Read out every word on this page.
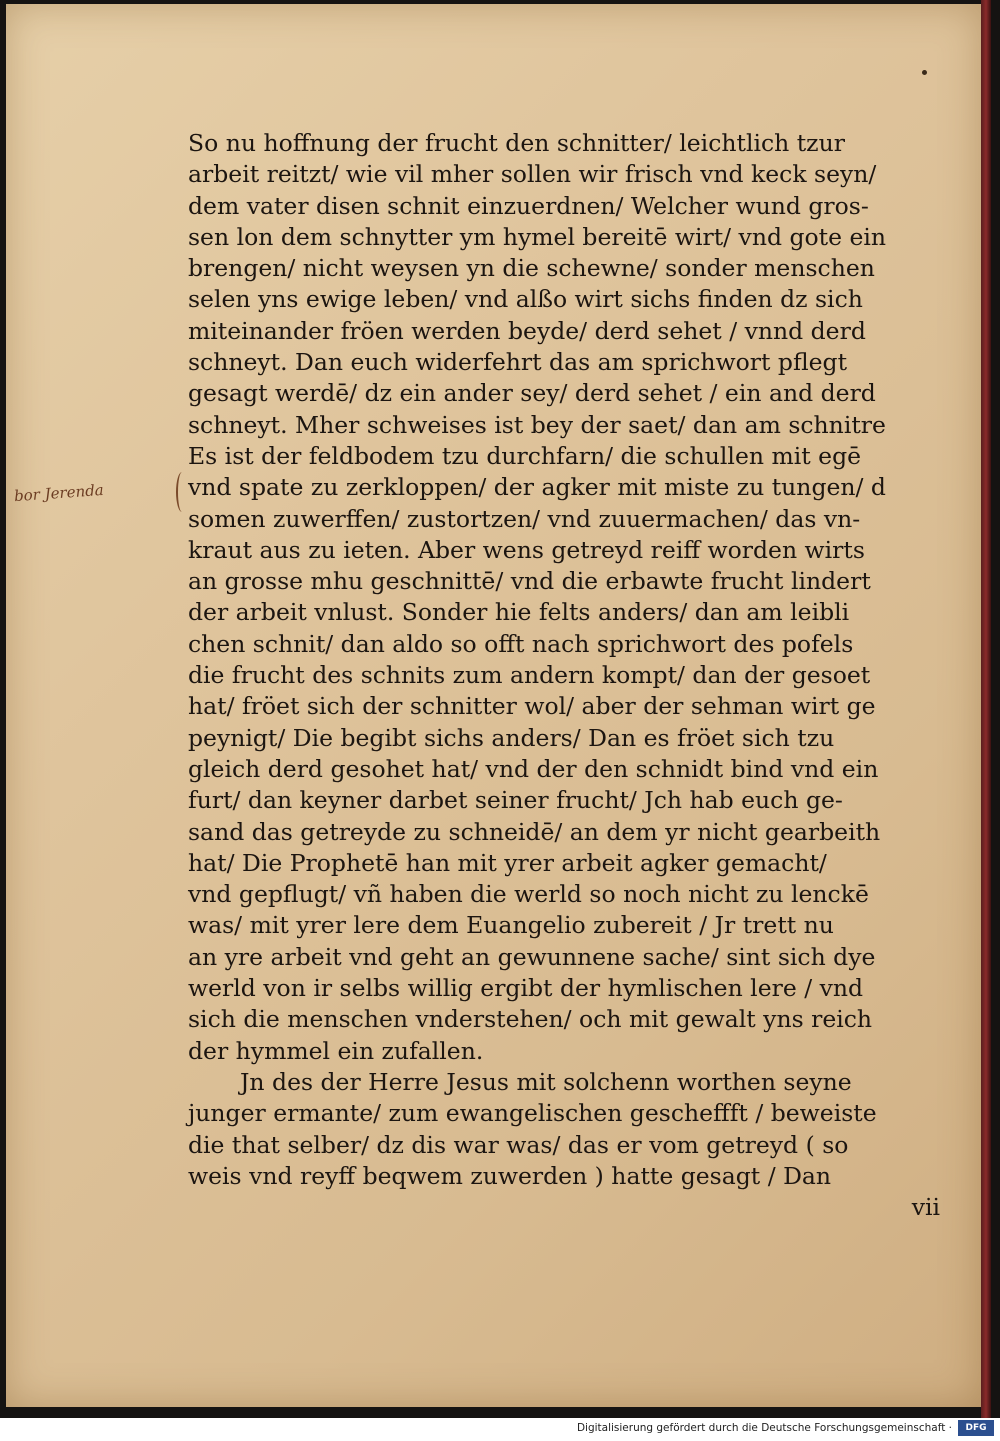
bor Jerenda
So nu hoffnung der frucht den schnitter/ leichtlich tzur
arbeit reitzt/ wie vil mher sollen wir frisch vnd keck seyn/
dem vater disen schnit einzuerdnen/ Welcher wund gros-
sen lon dem schnytter ym hymel bereitē wirt/ vnd gote ein
brengen/ nicht weysen yn die schewne/ sonder menschen
selen yns ewige leben/ vnd alßo wirt sichs finden dz sich
miteinander fröen werden beyde/ derd sehet / vnnd derd
schneyt. Dan euch widerfehrt das am sprichwort pflegt
gesagt werdē/ dz ein ander sey/ derd sehet / ein and derd
schneyt. Mher schweises ist bey der saet/ dan am schnitre
Es ist der feldbodem tzu durchfarn/ die schullen mit egē
vnd spate zu zerkloppen/ der agker mit miste zu tungen/ d
somen zuwerffen/ zustortzen/ vnd zuuermachen/ das vn-
kraut aus zu ieten. Aber wens getreyd reiff worden wirts
an grosse mhu geschnittē/ vnd die erbawte frucht lindert
der arbeit vnlust. Sonder hie felts anders/ dan am leibli
chen schnit/ dan aldo so offt nach sprichwort des pofels
die frucht des schnits zum andern kompt/ dan der gesoet
hat/ fröet sich der schnitter wol/ aber der sehman wirt ge
peynigt/ Die begibt sichs anders/ Dan es fröet sich tzu
gleich derd gesohet hat/ vnd der den schnidt bind vnd ein
furt/ dan keyner darbet seiner frucht/ Jch hab euch ge-
sand das getreyde zu schneidē/ an dem yr nicht gearbeith
hat/ Die Prophetē han mit yrer arbeit agker gemacht/
vnd gepflugt/ vñ haben die werld so noch nicht zu lenckē
was/ mit yrer lere dem Euangelio zubereit / Jr trett nu
an yre arbeit vnd geht an gewunnene sache/ sint sich dye
werld von ir selbs willig ergibt der hymlischen lere / vnd
sich die menschen vnderstehen/ och mit gewalt yns reich
der hymmel ein zufallen.
Jn des der Herre Jesus mit solchenn worthen seyne
junger ermante/ zum ewangelischen gescheffft / beweiste
die that selber/ dz dis war was/ das er vom getreyd ( so
weis vnd reyff beqwem zuwerden ) hatte gesagt / Dan
vii
Digitalisierung gefördert durch die Deutsche Forschungsgemeinschaft ·	DFG
